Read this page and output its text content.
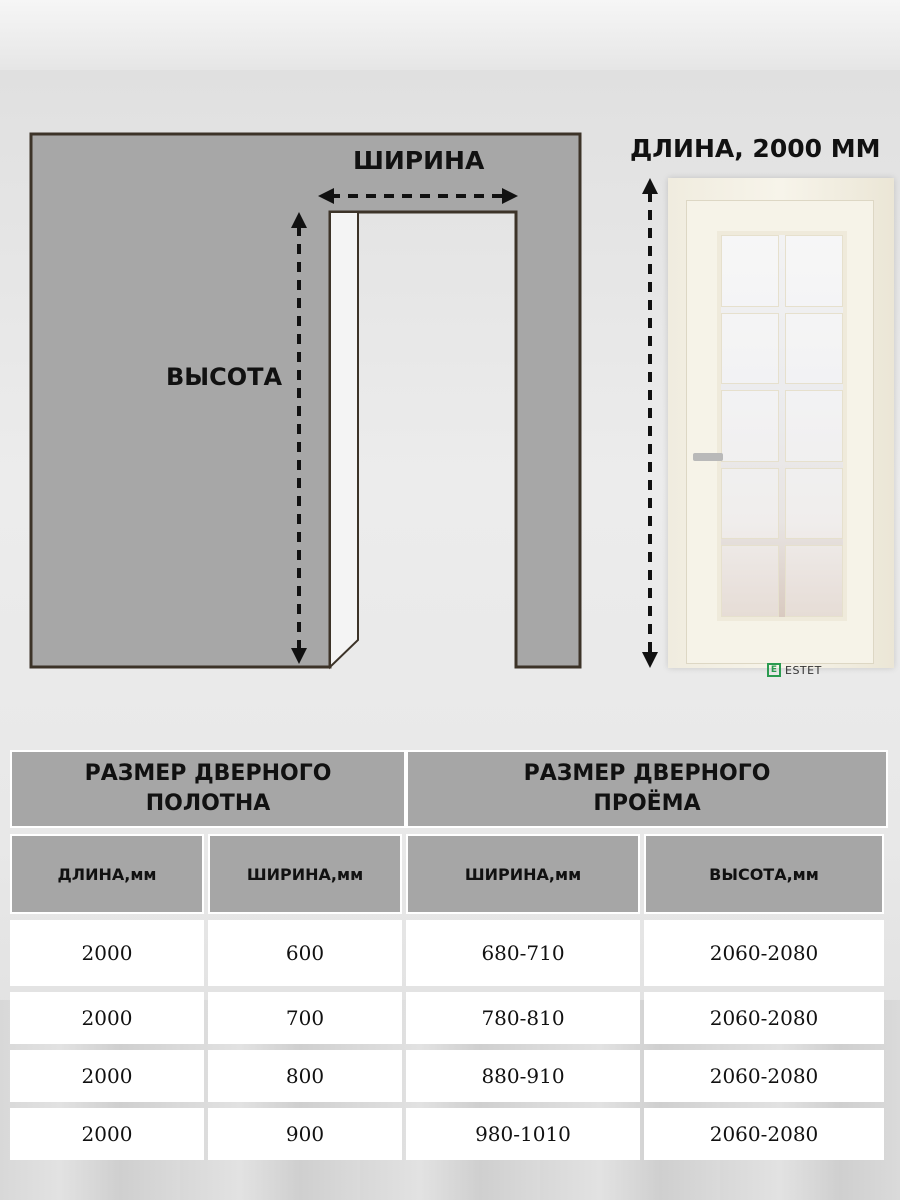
ШИРИНА
ВЫСОТА
ДЛИНА, 2000 ММ
E ESTET
РАЗМЕР ДВЕРНОГО ПОЛОТНА
РАЗМЕР ДВЕРНОГО ПРОЁМА
ДЛИНА,мм	ШИРИНА,мм	ШИРИНА,мм	ВЫСОТА,мм
2000	600	680-710	2060-2080
2000	700	780-810	2060-2080
2000	800	880-910	2060-2080
2000	900	980-1010	2060-2080
